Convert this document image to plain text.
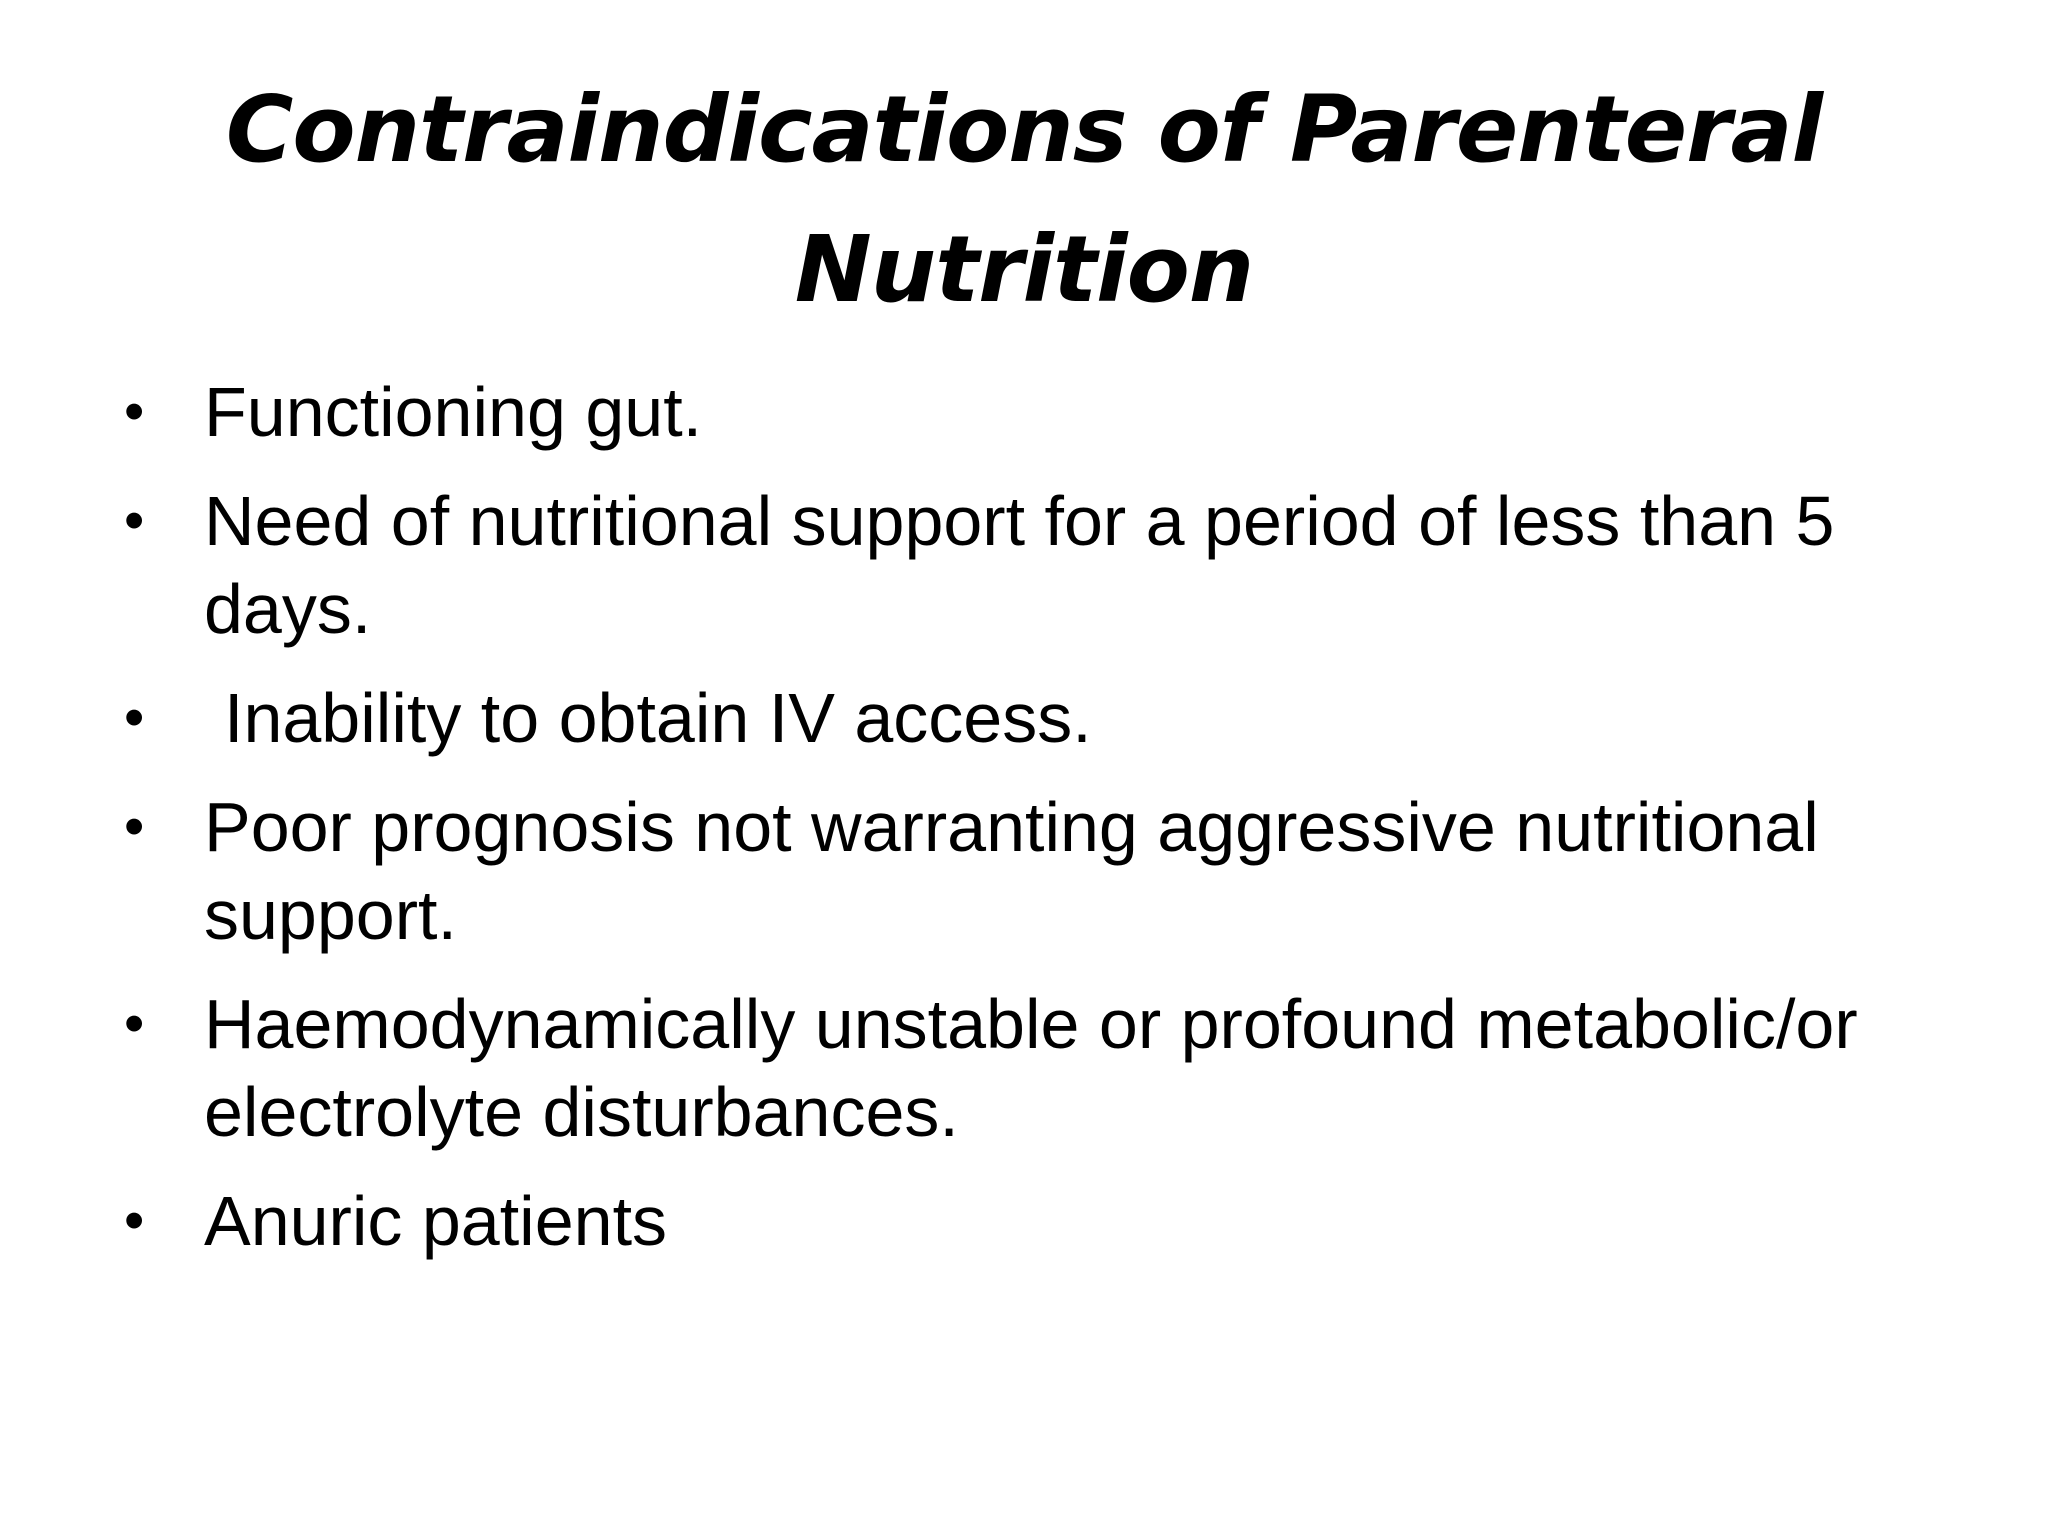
Contraindications of Parenteral
Nutrition
• Functioning gut.
• Need of nutritional support for a period of less than 5 days.
• Inability to obtain IV access.
• Poor prognosis not warranting aggressive nutritional support.
• Haemodynamically unstable or profound metabolic/or electrolyte disturbances.
• Anuric patients
